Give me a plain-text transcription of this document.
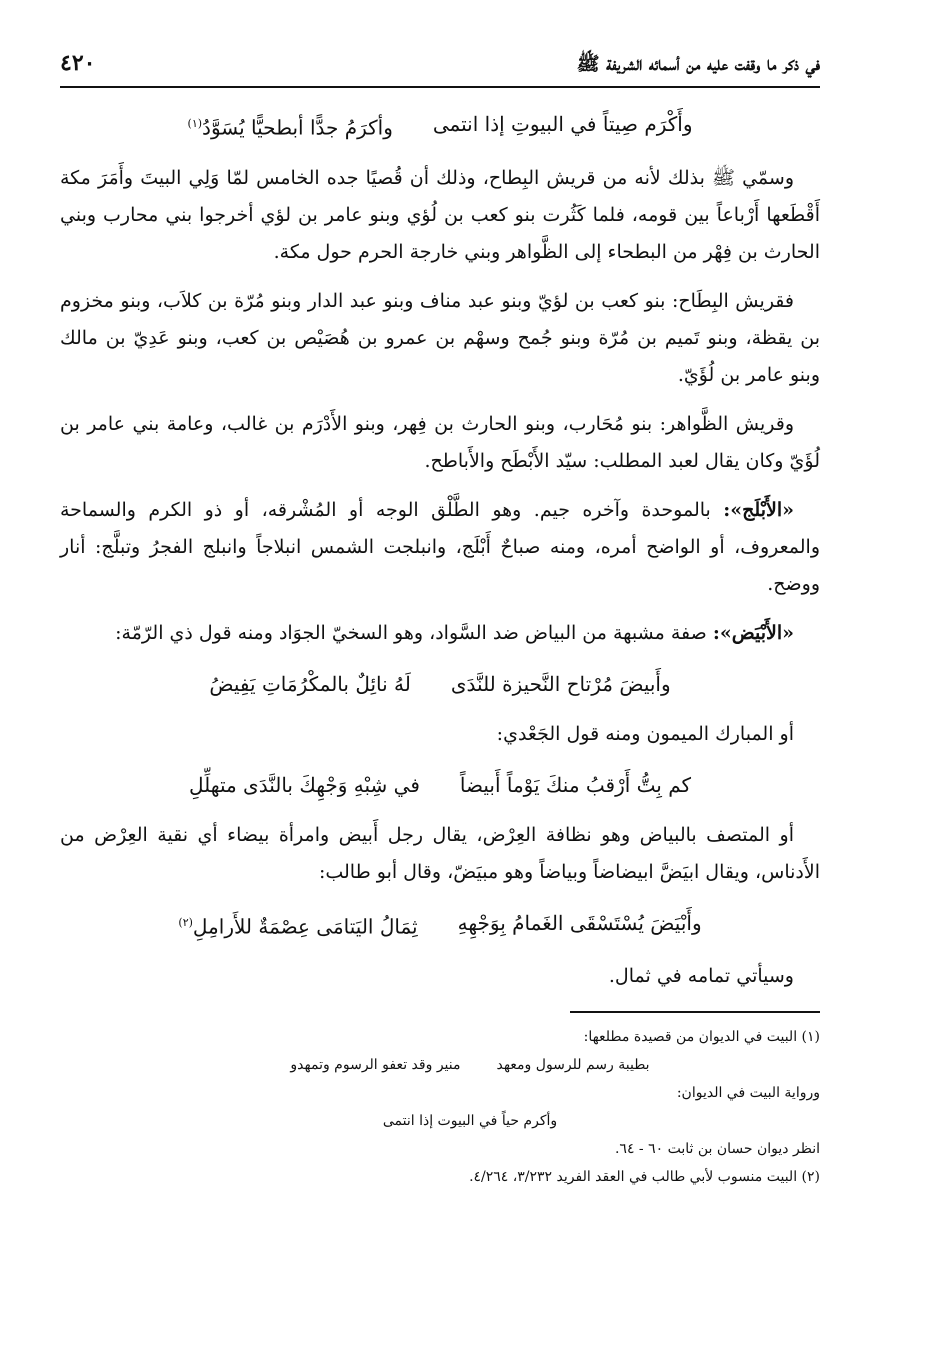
في ذكر ما وقفت عليه من أسمائه الشريفة ﷺ
٤٢٠
وأَكْرَم صِيتاً في البيوتِ إذا انتمى
وأكرَمُ جدًّا أبطحيًّا يُسَوَّدُ$^{(١)}$

وسمّي ﷺ بذلك لأنه من قريش البِطاح، وذلك أن قُصيًا جده الخامس لمّا وَلِي البيتَ وأَمَرَ مكة أَقْطَعها أَرْباعاً بين قومه، فلما كَثُرت بنو كعب بن لُؤي وبنو عامر بن لؤي أخرجوا بني محارب وبني الحارث بن فِهْر من البطحاء إلى الظَّواهر وبني خارجة الحرم حول مكة.

فقريش البِطَاح: بنو كعب بن لؤيّ وبنو عبد مناف وبنو عبد الدار وبنو مُرّة بن كلاَب، وبنو مخزوم بن يقظة، وبنو تَميم بن مُرّة وبنو جُمح وسهْم بن عمرو بن هُصَيْص بن كعب، وبنو عَدِيّ بن مالك وبنو عامر بن لُؤَيّ.

وقريش الظَّواهر: بنو مُحَارب، وبنو الحارث بن فِهر، وبنو الأَدْرَم بن غالب، وعامة بني عامر بن لُؤَيّ وكان يقال لعبد المطلب: سيّد الأَبْطَح والأَباطح.

«الأَبْلَج»: بالموحدة وآخره جيم. وهو الطَّلْق الوجه أو المُشْرقه، أو ذو الكرم والسماحة والمعروف، أو الواضح أمره، ومنه صباحٌ أَبْلَج، وانبلجت الشمس انبلاجاً وانبلج الفجرُ وتبلَّج: أنار ووضح.

«الأَبْيَض»: صفة مشبهة من البياض ضد السَّواد، وهو السخيّ الجوَاد ومنه قول ذي الرّمّة:

وأَبيضَ مُرْتاح النَّحيزة للنَّدَى
لَهُ نائِلٌ بالمكْرُمَاتِ يَفِيضُ

أو المبارك الميمون ومنه قول الجَعْدي:

كم بِتُّ أَرْقبُ منكَ يَوْماً أَبيضاً
في شِبْهِ وَجْهِكَ بالنَّدَى متهلِّلِ

أو المتصف بالبياض وهو نظافة العِرْض، يقال رجل أَبيض وامرأة بيضاء أي نقية العِرْض من الأَدناس، ويقال ابيَضَّ ابيضاضاً وبياضاً وهو مبيَضّ، وقال أبو طالب:

وأَبْيَضَ يُسْتَسْقَى الغَمامُ بِوَجْهِهِ
ثِمَالُ اليَتامَى عِصْمَةٌ للأَرامِلِ$^{(٢)}$

وسيأتي تمامه في ثمال.

(١) البيت في الديوان من قصيدة مطلعها:

بطيبة رسم للرسول ومعهد
منير وقد تعفو الرسوم وتمهدو

ورواية البيت في الديوان:

وأكرم حياً في البيوت إذا انتمى

انظر ديوان حسان بن ثابت ٦٠ - ٦٤.

(٢) البيت منسوب لأبي طالب في العقد الفريد ٣/٢٣٢، ٤/٢٦٤.
